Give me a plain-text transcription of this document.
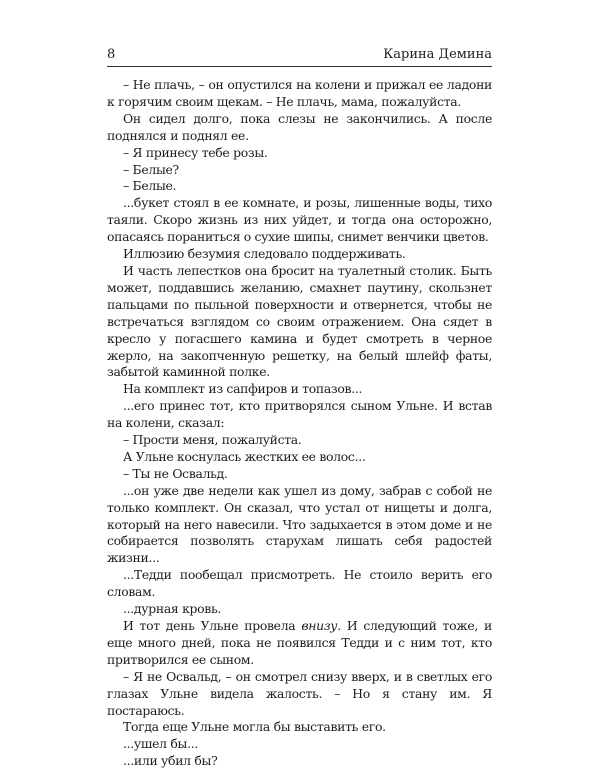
8	Карина Демина

– Не плачь, – он опустился на колени и прижал ее ладони к горячим своим щекам. – Не плачь, мама, пожалуйста.

Он сидел долго, пока слезы не закончились. А после поднялся и поднял ее.

– Я принесу тебе розы.

– Белые?

– Белые.

...букет стоял в ее комнате, и розы, лишенные воды, тихо таяли. Скоро жизнь из них уйдет, и тогда она осторожно, опасаясь пораниться о сухие шипы, снимет венчики цветов.

Иллюзию безумия следовало поддерживать.

И часть лепестков она бросит на туалетный столик. Быть может, поддавшись желанию, смахнет паутину, скользнет пальцами по пыльной поверхности и отвернется, чтобы не встречаться взглядом со своим отражением. Она сядет в кресло у погасшего камина и будет смотреть в черное жерло, на закопченную решетку, на белый шлейф фаты, забытой каминной полке.

На комплект из сапфиров и топазов...

...его принес тот, кто притворялся сыном Ульне. И встав на колени, сказал:

– Прости меня, пожалуйста.

А Ульне коснулась жестких ее волос...

– Ты не Освальд.

...он уже две недели как ушел из дому, забрав с собой не только комплект. Он сказал, что устал от нищеты и долга, который на него навесили. Что задыхается в этом доме и не собирается позволять старухам лишать себя радостей жизни...

...Тедди пообещал присмотреть. Не стоило верить его словам.

...дурная кровь.

И тот день Ульне провела внизу. И следующий тоже, и еще много дней, пока не появился Тедди и с ним тот, кто притворился ее сыном.

– Я не Освальд, – он смотрел снизу вверх, и в светлых его глазах Ульне видела жалость. – Но я стану им. Я постараюсь.

Тогда еще Ульне могла бы выставить его.

...ушел бы...

...или убил бы?
